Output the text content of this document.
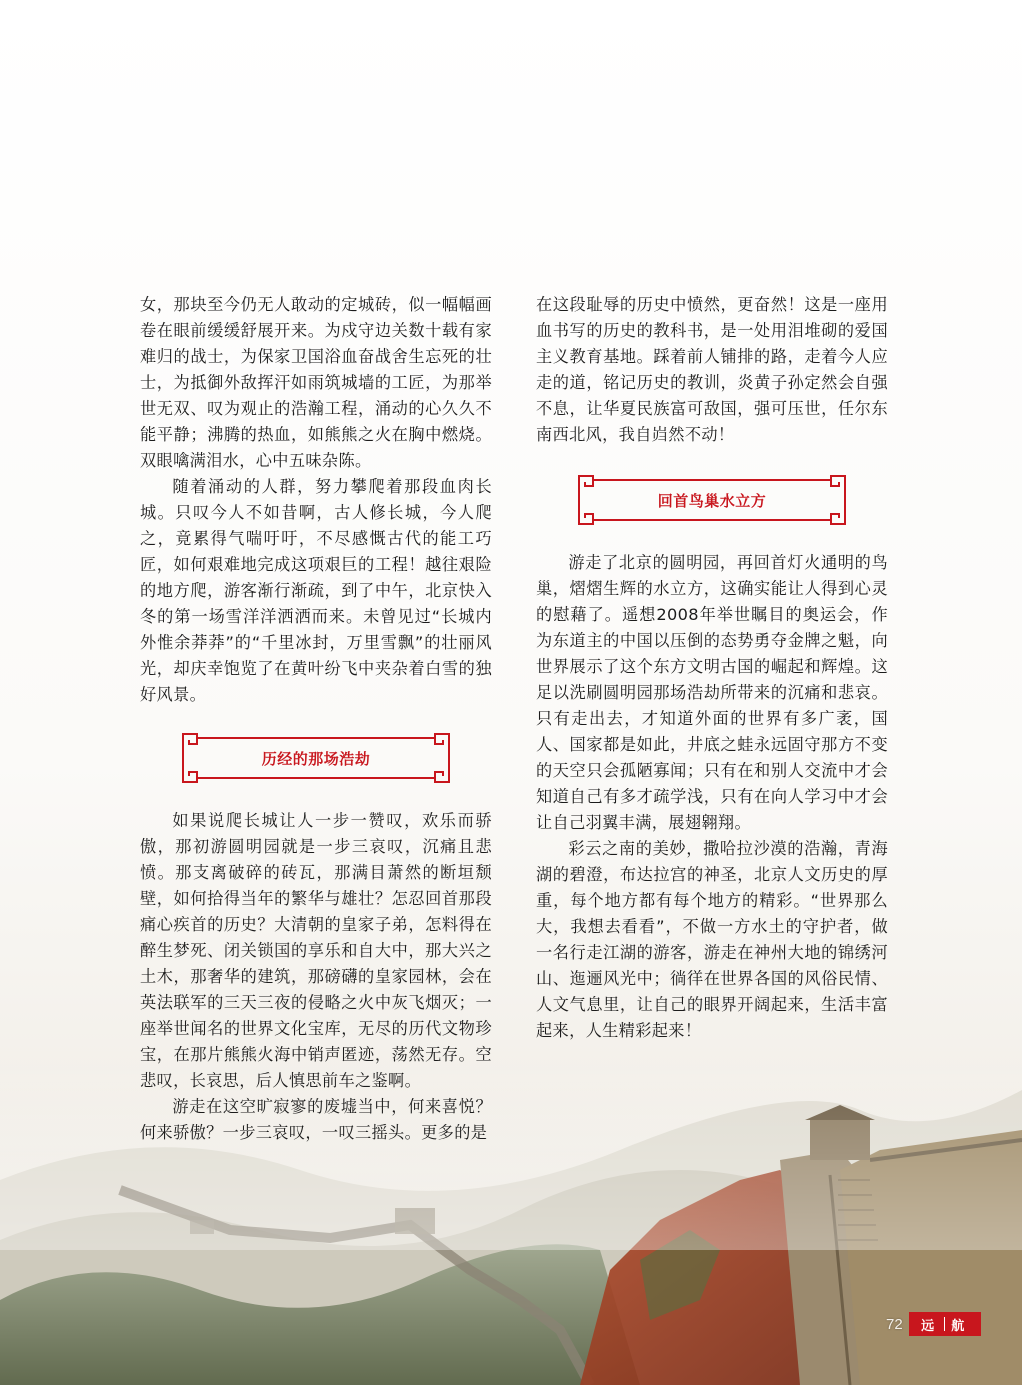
女，那块至今仍无人敢动的定城砖，似一幅幅画卷在眼前缓缓舒展开来。为戍守边关数十载有家难归的战士，为保家卫国浴血奋战舍生忘死的壮士，为抵御外敌挥汗如雨筑城墙的工匠，为那举世无双、叹为观止的浩瀚工程，涌动的心久久不能平静；沸腾的热血，如熊熊之火在胸中燃烧。双眼噙满泪水，心中五味杂陈。

随着涌动的人群，努力攀爬着那段血肉长城。只叹今人不如昔啊，古人修长城，今人爬之，竟累得气喘吁吁，不尽感慨古代的能工巧匠，如何艰难地完成这项艰巨的工程！越往艰险的地方爬，游客渐行渐疏，到了中午，北京快入冬的第一场雪洋洋洒洒而来。未曾见过“长城内外惟余莽莽”的“千里冰封，万里雪飘”的壮丽风光，却庆幸饱览了在黄叶纷飞中夹杂着白雪的独好风景。

历经的那场浩劫

如果说爬长城让人一步一赞叹，欢乐而骄傲，那初游圆明园就是一步三哀叹，沉痛且悲愤。那支离破碎的砖瓦，那满目萧然的断垣颓壁，如何拾得当年的繁华与雄壮？怎忍回首那段痛心疾首的历史？大清朝的皇家子弟，怎料得在醉生梦死、闭关锁国的享乐和自大中，那大兴之土木，那奢华的建筑，那磅礴的皇家园林，会在英法联军的三天三夜的侵略之火中灰飞烟灭；一座举世闻名的世界文化宝库，无尽的历代文物珍宝，在那片熊熊火海中销声匿迹，荡然无存。空悲叹，长哀思，后人慎思前车之鉴啊。

游走在这空旷寂寥的废墟当中，何来喜悦？何来骄傲？一步三哀叹，一叹三摇头。更多的是

在这段耻辱的历史中愤然，更奋然！这是一座用血书写的历史的教科书，是一处用泪堆砌的爱国主义教育基地。踩着前人铺排的路，走着今人应走的道，铭记历史的教训，炎黄子孙定然会自强不息，让华夏民族富可敌国，强可压世，任尔东南西北风，我自岿然不动！

回首鸟巢水立方

游走了北京的圆明园，再回首灯火通明的鸟巢，熠熠生辉的水立方，这确实能让人得到心灵的慰藉了。遥想2008年举世瞩目的奥运会，作为东道主的中国以压倒的态势勇夺金牌之魁，向世界展示了这个东方文明古国的崛起和辉煌。这足以洗刷圆明园那场浩劫所带来的沉痛和悲哀。只有走出去，才知道外面的世界有多广袤，国人、国家都是如此，井底之蛙永远固守那方不变的天空只会孤陋寡闻；只有在和别人交流中才会知道自己有多才疏学浅，只有在向人学习中才会让自己羽翼丰满，展翅翱翔。

彩云之南的美妙，撒哈拉沙漠的浩瀚，青海湖的碧澄，布达拉宫的神圣，北京人文历史的厚重，每个地方都有每个地方的精彩。“世界那么大，我想去看看”，不做一方水土的守护者，做一名行走江湖的游客，游走在神州大地的锦绣河山、迤逦风光中；徜徉在世界各国的风俗民情、人文气息里，让自己的眼界开阔起来，生活丰富起来，人生精彩起来！

72 远 航
